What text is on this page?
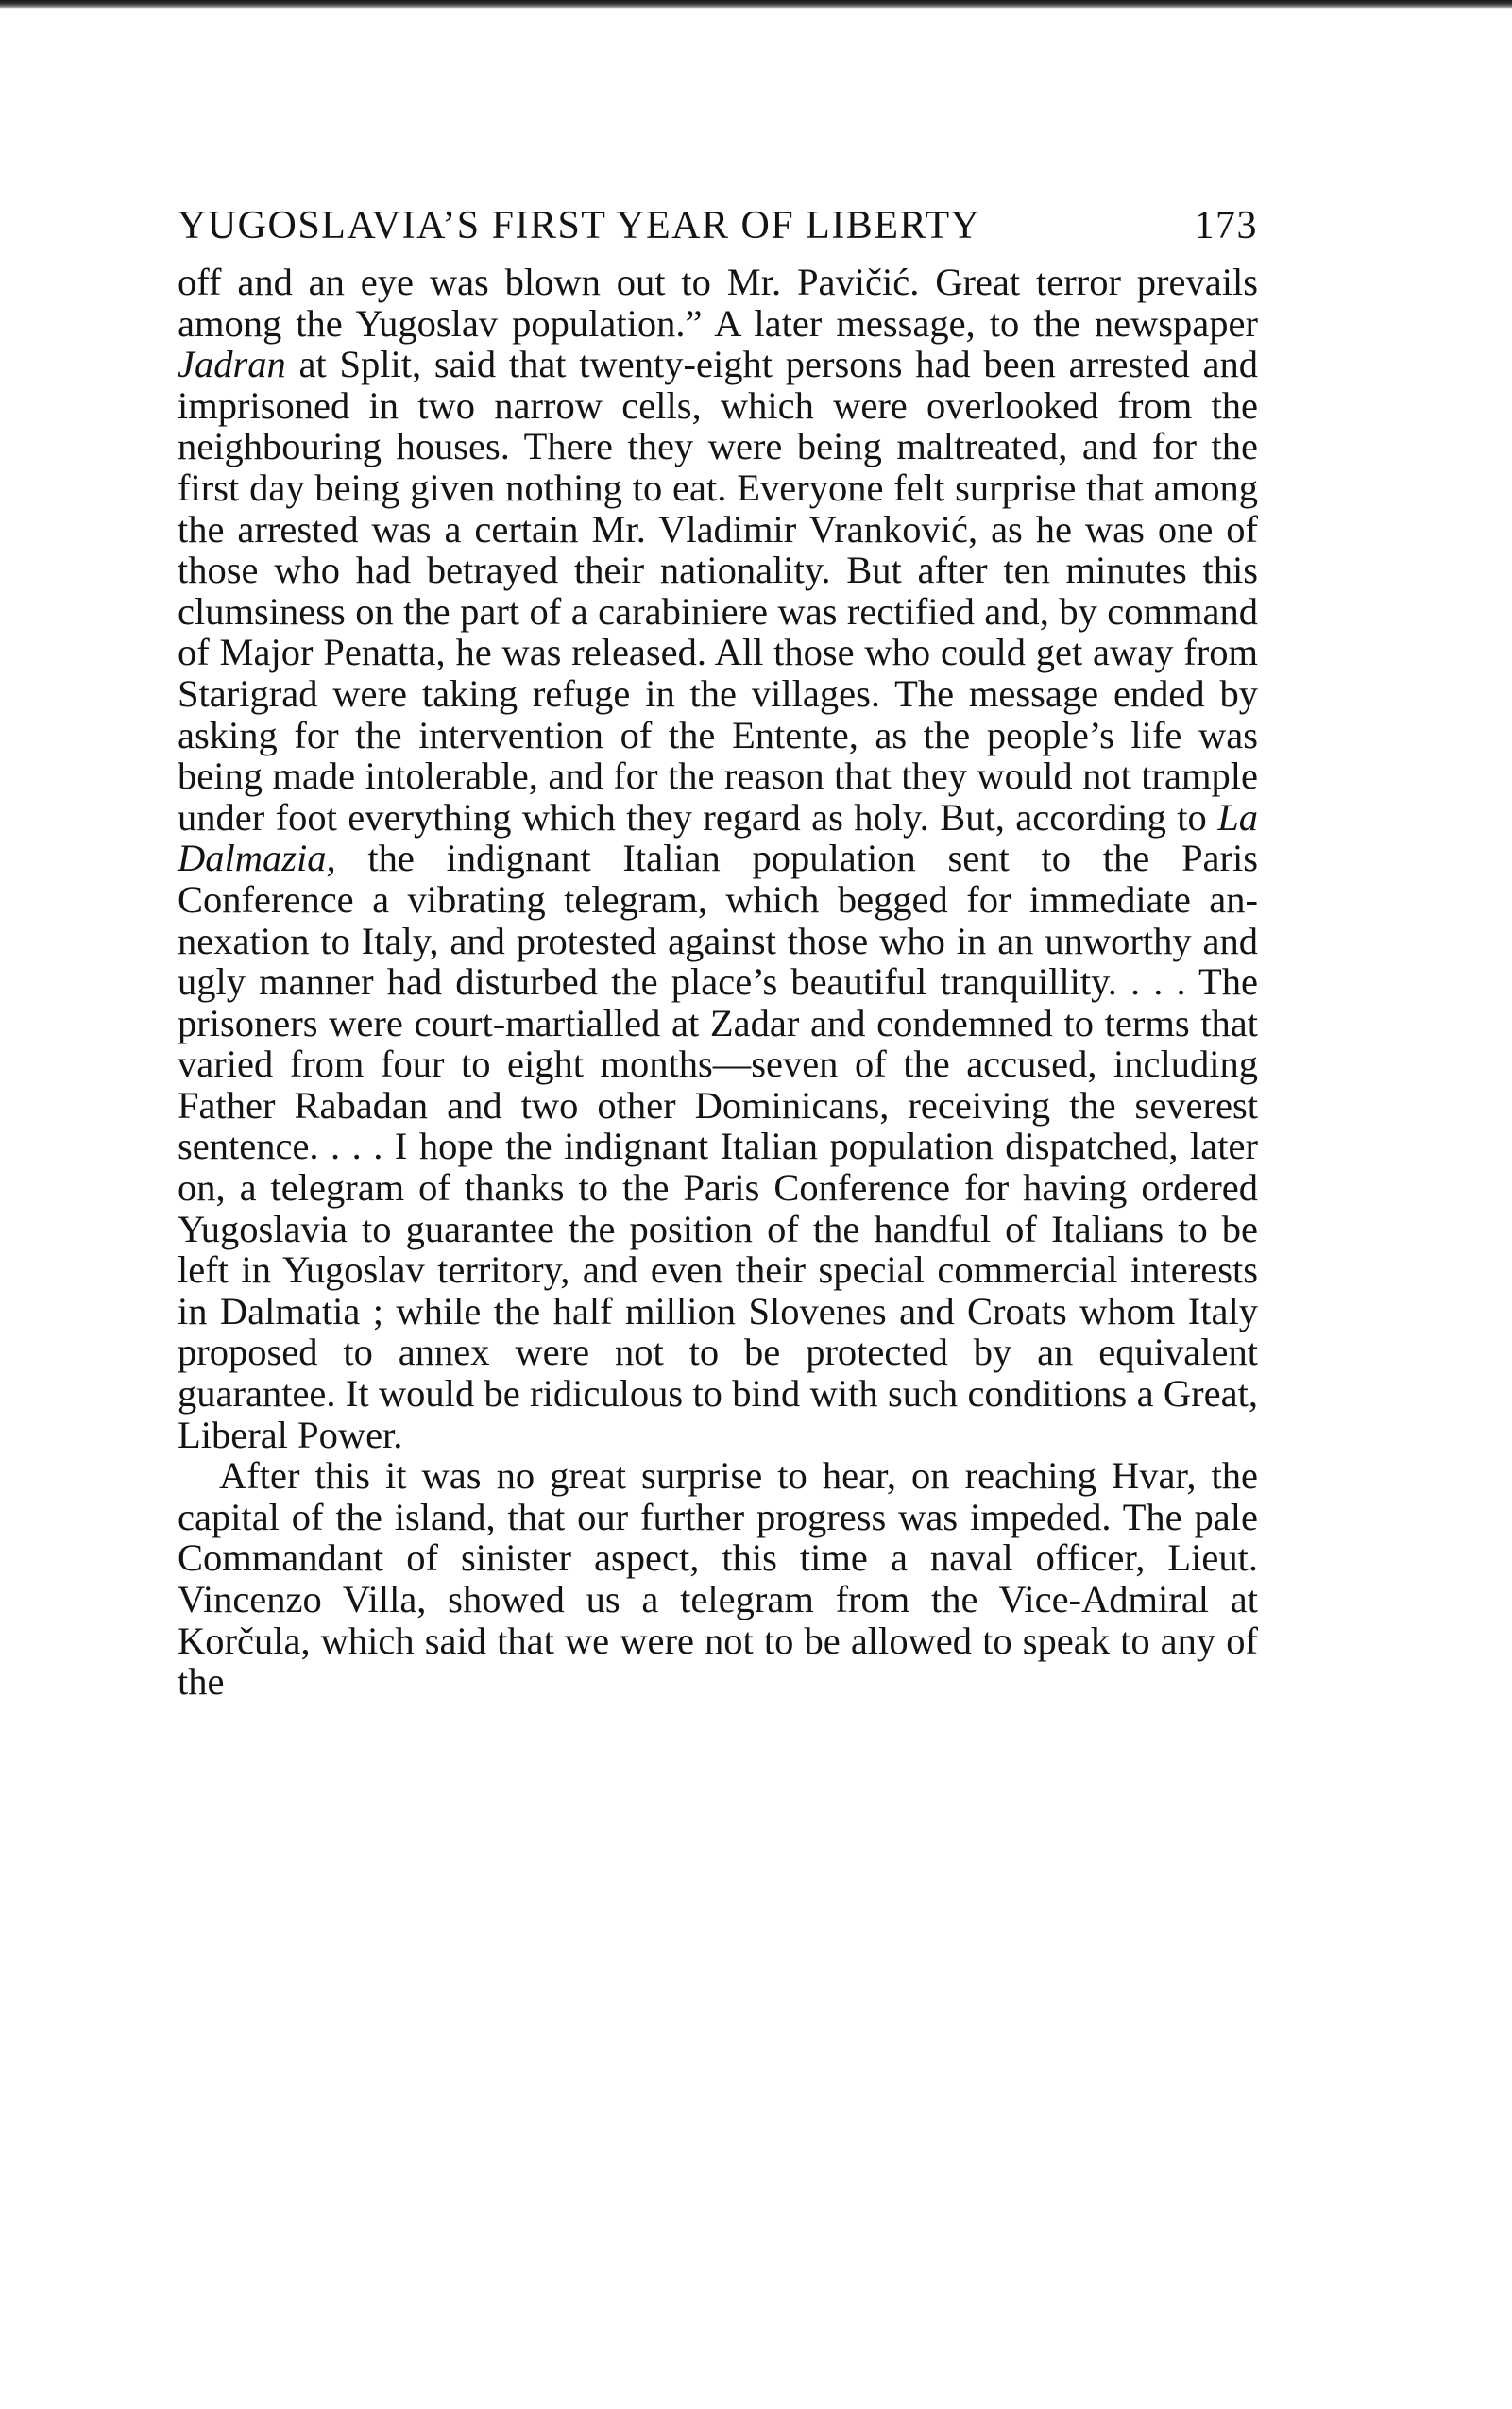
YUGOSLAVIA’S FIRST YEAR OF LIBERTY	173

off and an eye was blown out to Mr. Pavičić. Great terror prevails among the Yugoslav population.” A later message, to the newspaper Jadran at Split, said that twenty-eight persons had been arrested and imprisoned in two narrow cells, which were overlooked from the neighbouring houses. There they were being maltreated, and for the first day being given nothing to eat. Everyone felt surprise that among the arrested was a certain Mr. Vladimir Vranković, as he was one of those who had betrayed their nationality. But after ten minutes this clumsiness on the part of a carabiniere was rectified and, by command of Major Penatta, he was released. All those who could get away from Starigrad were taking refuge in the villages. The message ended by asking for the intervention of the Entente, as the people’s life was being made intolerable, and for the reason that they would not trample under foot everything which they regard as holy. But, according to La Dalmazia, the indignant Italian population sent to the Paris Conference a vibrating telegram, which begged for immediate annexation to Italy, and protested against those who in an unworthy and ugly manner had disturbed the place’s beautiful tranquillity. . . . The prisoners were court-martialled at Zadar and condemned to terms that varied from four to eight months—seven of the accused, including Father Rabadan and two other Dominicans, receiving the severest sentence. . . . I hope the indignant Italian population dispatched, later on, a telegram of thanks to the Paris Conference for having ordered Yugoslavia to guarantee the position of the handful of Italians to be left in Yugoslav territory, and even their special commercial interests in Dalmatia ; while the half million Slovenes and Croats whom Italy proposed to annex were not to be protected by an equivalent guarantee. It would be ridiculous to bind with such conditions a Great, Liberal Power.

After this it was no great surprise to hear, on reaching Hvar, the capital of the island, that our further progress was impeded. The pale Commandant of sinister aspect, this time a naval officer, Lieut. Vincenzo Villa, showed us a telegram from the Vice-Admiral at Korčula, which said that we were not to be allowed to speak to any of the
